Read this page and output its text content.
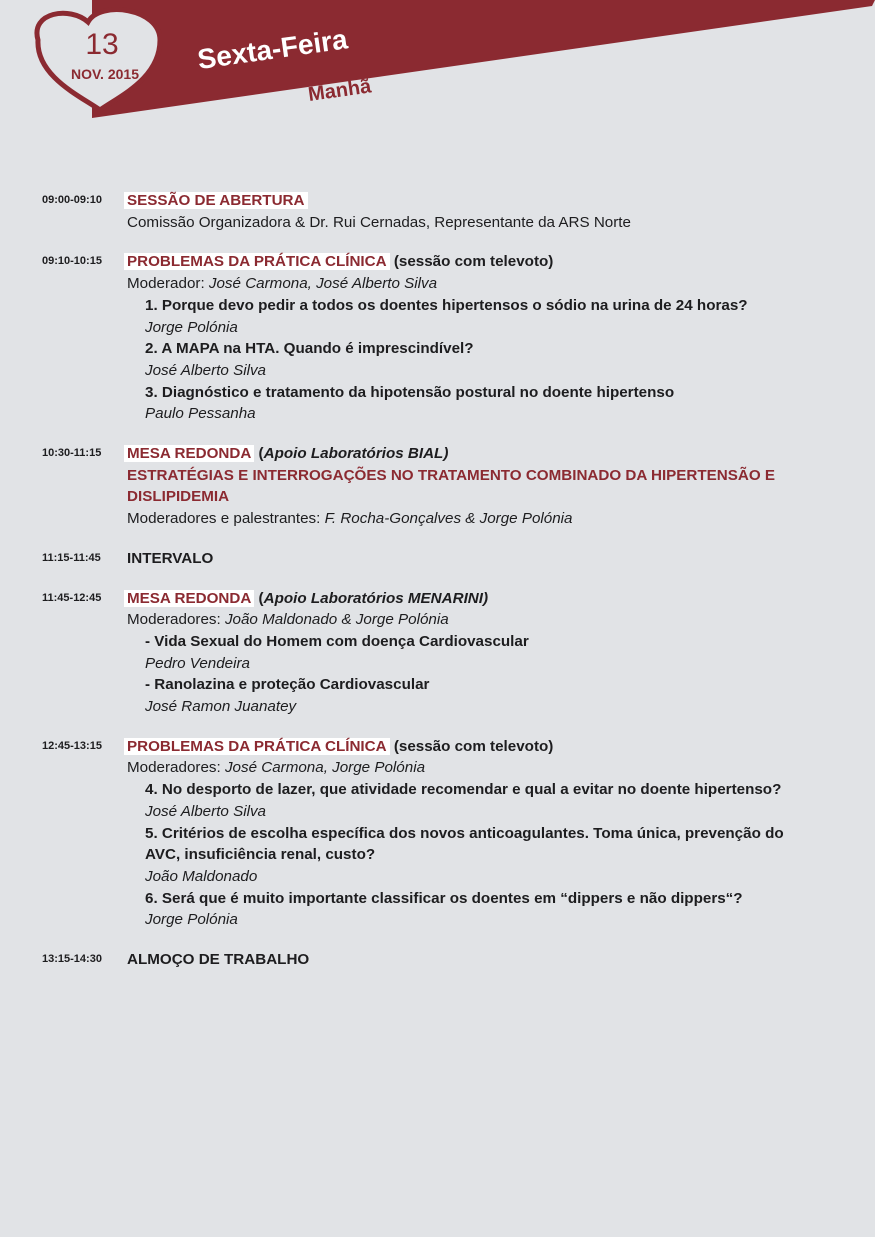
13
NOV. 2015	Sexta-Feira
Manhã
09:00-09:10 SESSÃO DE ABERTURA
Comissão Organizadora & Dr. Rui Cernadas, Representante da ARS Norte
09:10-10:15 PROBLEMAS DA PRÁTICA CLÍNICA (sessão com televoto)
Moderador: José Carmona, José Alberto Silva
1. Porque devo pedir a todos os doentes hipertensos o sódio na urina de 24 horas?
Jorge Polónia
2. A MAPA na HTA. Quando é imprescindível?
José Alberto Silva
3. Diagnóstico e tratamento da hipotensão postural no doente hipertenso
Paulo Pessanha
10:30-11:15 MESA REDONDA (Apoio Laboratórios BIAL)
ESTRATÉGIAS E INTERROGAÇÕES NO TRATAMENTO COMBINADO DA HIPERTENSÃO E DISLIPIDEMIA
Moderadores e palestrantes: F. Rocha-Gonçalves & Jorge Polónia
11:15-11:45 INTERVALO
11:45-12:45 MESA REDONDA (Apoio Laboratórios MENARINI)
Moderadores: João Maldonado & Jorge Polónia
- Vida Sexual do Homem com doença Cardiovascular
Pedro Vendeira
- Ranolazina e proteção Cardiovascular
José Ramon Juanatey
12:45-13:15 PROBLEMAS DA PRÁTICA CLÍNICA (sessão com televoto)
Moderadores: José Carmona, Jorge Polónia
4. No desporto de lazer, que atividade recomendar e qual a evitar no doente hipertenso?
José Alberto Silva
5. Critérios de escolha específica dos novos anticoagulantes. Toma única, prevenção do AVC, insuficiência renal, custo?
João Maldonado
6. Será que é muito importante classificar os doentes em “dippers e não dippers“?
Jorge Polónia
13:15-14:30 ALMOÇO DE TRABALHO
